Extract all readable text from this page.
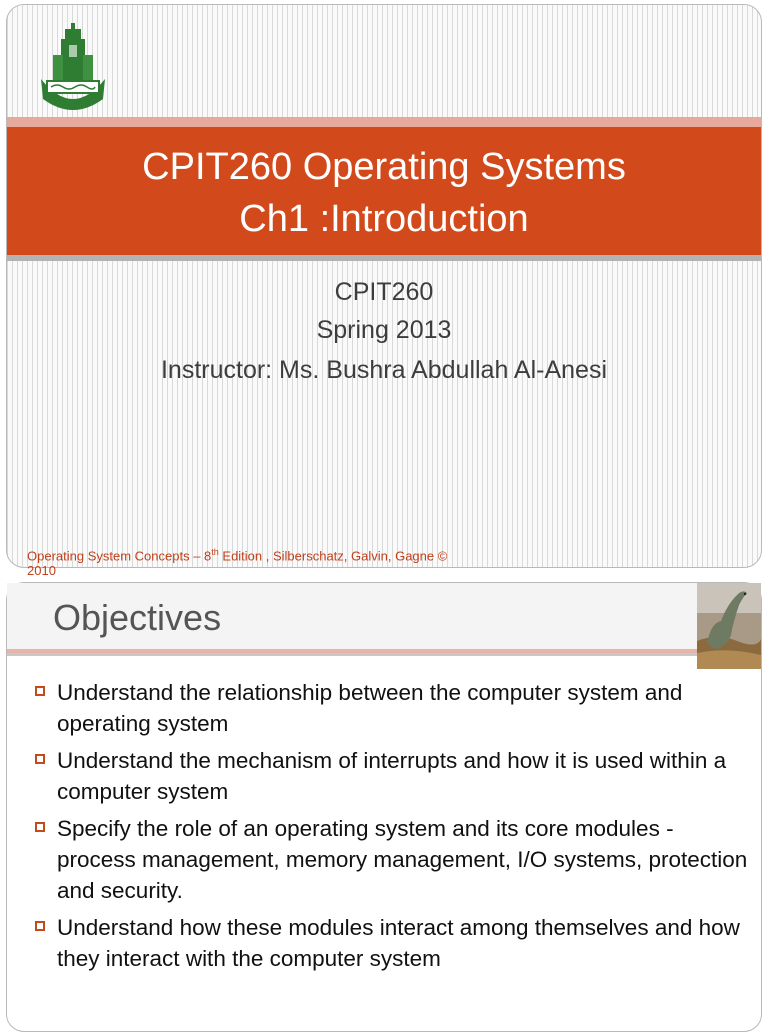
CPIT260 Operating Systems
Ch1 :Introduction
CPIT260
Spring 2013
Instructor: Ms. Bushra Abdullah Al-Anesi
Operating System Concepts – 8th Edition , Silberschatz, Galvin, Gagne © 2010
Objectives
Understand the relationship between the computer system and operating system
Understand the mechanism of interrupts and how it is used within a computer system
Specify the role of an operating system and its core modules - process management, memory management, I/O systems, protection and security.
Understand how these modules interact among themselves and how they interact with the computer system
